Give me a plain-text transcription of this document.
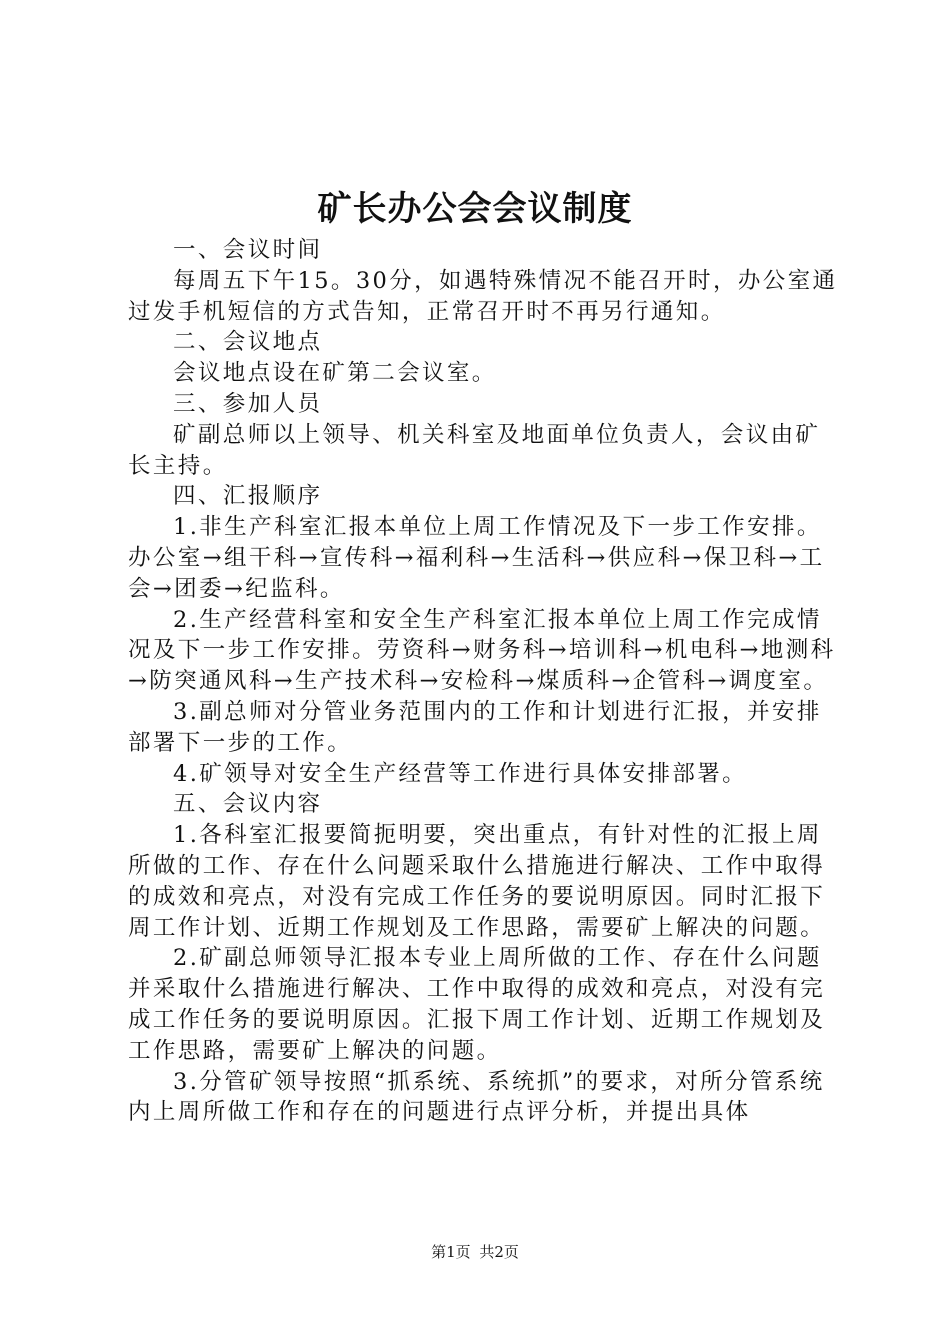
矿长办公会会议制度

一、会议时间

每周五下午15。30分，如遇特殊情况不能召开时，办公室通过发手机短信的方式告知，正常召开时不再另行通知。

二、会议地点

会议地点设在矿第二会议室。

三、参加人员

矿副总师以上领导、机关科室及地面单位负责人，会议由矿长主持。

四、汇报顺序

1.非生产科室汇报本单位上周工作情况及下一步工作安排。办公室→组干科→宣传科→福利科→生活科→供应科→保卫科→工会→团委→纪监科。

2.生产经营科室和安全生产科室汇报本单位上周工作完成情况及下一步工作安排。劳资科→财务科→培训科→机电科→地测科→防突通风科→生产技术科→安检科→煤质科→企管科→调度室。

3.副总师对分管业务范围内的工作和计划进行汇报，并安排部署下一步的工作。

4.矿领导对安全生产经营等工作进行具体安排部署。

五、会议内容

1.各科室汇报要简扼明要，突出重点，有针对性的汇报上周所做的工作、存在什么问题采取什么措施进行解决、工作中取得的成效和亮点，对没有完成工作任务的要说明原因。同时汇报下周工作计划、近期工作规划及工作思路，需要矿上解决的问题。

2.矿副总师领导汇报本专业上周所做的工作、存在什么问题并采取什么措施进行解决、工作中取得的成效和亮点，对没有完成工作任务的要说明原因。汇报下周工作计划、近期工作规划及工作思路，需要矿上解决的问题。

3.分管矿领导按照“抓系统、系统抓”的要求，对所分管系统内上周所做工作和存在的问题进行点评分析，并提出具体

第1页 共2页
